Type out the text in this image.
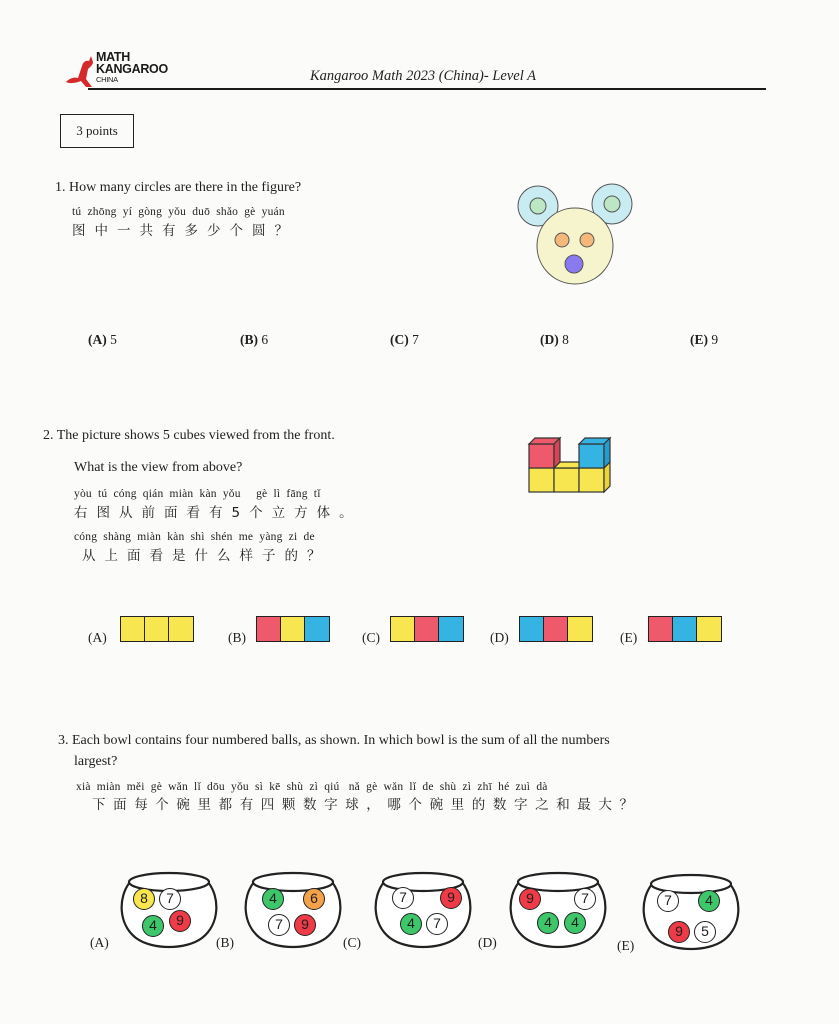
MATH
KANGAROO
CHINA	Kangaroo Math 2023 (China)- Level A
3 points
1. How many circles are there in the figure?
tú  zhōng  yí  gòng  yǒu  duō  shǎo  gè  yuán
图中一共有多少个圆？
(A) 5	(B) 6	(C) 7	(D) 8	(E) 9
2. The picture shows 5 cubes viewed from the front.
What is the view from above?
yòu  tú  cóng  qián  miàn  kàn  yǒu     gè  lì  fāng  tǐ
右图从前面看有5个立方体。
cóng  shàng  miàn  kàn  shì  shén  me  yàng  zi  de
从上面看是什么样子的？
(A)	(B)	(C)	(D)	(E)
3. Each bowl contains four numbered balls, as shown. In which bowl is the sum of all the numbers
largest?
xià  miàn  měi  gè  wǎn  lǐ  dōu  yǒu  sì  kē  shù  zì  qiú   nǎ  gè  wǎn  lǐ  de  shù  zì  zhī  hé  zuì  dà
下面每个碗里都有四颗数字球，哪个碗里的数字之和最大？
(A)
8	7
4	9
(B)
4	6
7	9
(C)
7	9
4	7
(D)
9	7
4	4
(E)
7	4
9	5
